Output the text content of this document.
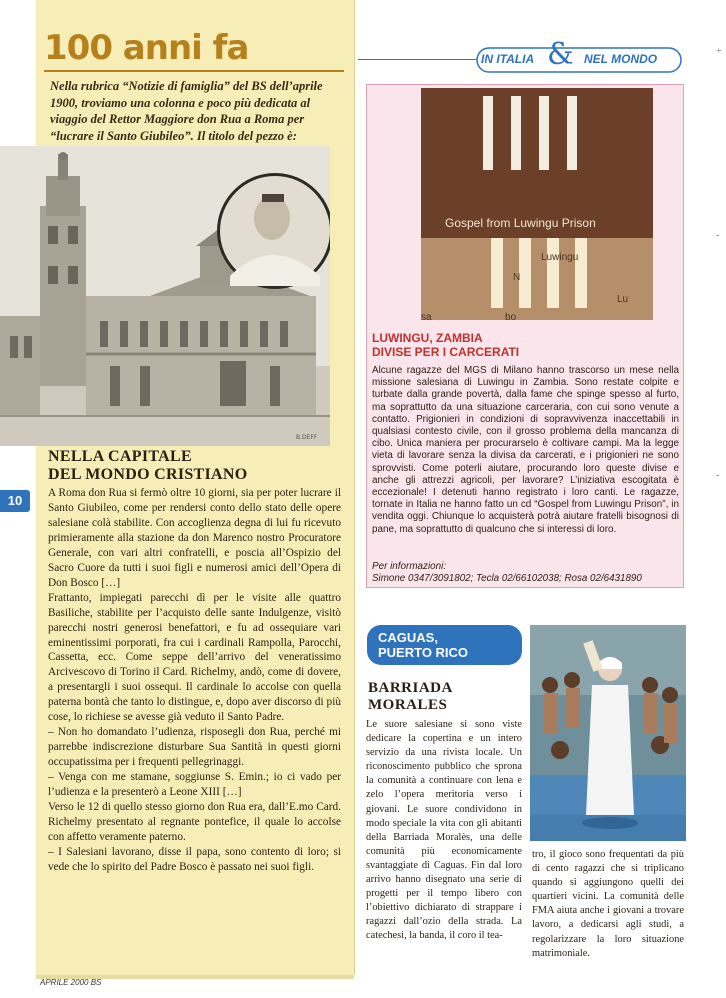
100 anni fa
Nella rubrica “Notizie di famiglia” del BS dell’aprile 1900, troviamo una colonna e poco più dedicata al viaggio del Rettor Maggiore don Rua a Roma per “lucrare il Santo Giubileo”. Il titolo del pezzo è:
B.DEFF
NELLA CAPITALE
DEL MONDO CRISTIANO
10	A Roma don Rua si fermò oltre 10 giorni, sia per poter lucrare il Santo Giubileo, come per rendersi conto dello stato delle opere salesiane colà stabilite. Con accoglienza degna di lui fu ricevuto primieramente alla stazione da don Marenco nostro Procuratore Generale, con vari altri confratelli, e poscia all’Ospizio del Sacro Cuore da tutti i suoi figli e numerosi amici dell’Opera di Don Bosco […]

Frattanto, impiegati parecchi dì per le visite alle quattro Basiliche, stabilite per l’acquisto delle sante Indulgenze, visitò parecchi nostri generosi benefattori, e fu ad ossequiare vari eminentissimi porporati, fra cui i cardinali Rampolla, Parocchi, Cassetta, ecc. Come seppe dell’arrivo del veneratissimo Arcivescovo di Torino il Card. Richelmy, andò, come di dovere, a presentargli i suoi ossequi. Il cardinale lo accolse con quella paterna bontà che tanto lo distingue, e, dopo aver discorso di più cose, lo richiese se avesse già veduto il Santo Padre.

– Non ho domandato l’udienza, risposegli don Rua, perché mi parrebbe indiscrezione disturbare Sua Santità in questi giorni occupatissima per i frequenti pellegrinaggi.

– Venga con me stamane, soggiunse S. Emin.; io ci vado per l’udienza e la presenterò a Leone XIII […]

Verso le 12 di quello stesso giorno don Rua era, dall’E.mo Card. Richelmy presentato al regnante pontefice, il quale lo accolse con affetto veramente paterno.

– I Salesiani lavorano, disse il papa, sono contento di loro; si vede che lo spirito del Padre Bosco è passato nei suoi figli.

APRILE 2000 BS
IN ITALIA & NEL MONDO
+
-
-
Luwingu
N
Lu
sa	bo
Gospel from Luwingu Prison
LUWINGU, ZAMBIA
DIVISE PER I CARCERATI
Alcune ragazze del MGS di Milano hanno trascorso un mese nella missione salesiana di Luwingu in Zambia. Sono restate colpite e turbate dalla grande povertà, dalla fame che spinge spesso al furto, ma soprattutto da una situazione carceraria, con cui sono venute a contatto. Prigionieri in condizioni di sopravvivenza inaccettabili in qualsiasi contesto civile, con il grosso problema della mancanza di cibo. Unica maniera per procurarselo è coltivare campi. Ma la legge vieta di lavorare senza la divisa da carcerati, e i prigionieri ne sono sprovvisti. Come poterli aiutare, procurando loro queste divise e anche gli attrezzi agricoli, per lavorare? L’iniziativa escogitata è eccezionale! I detenuti hanno registrato i loro canti. Le ragazze, tornate in Italia ne hanno fatto un cd “Gospel from Luwingu Prison”, in vendita oggi. Chiunque lo acquisterà potrà aiutare fratelli bisognosi di pane, ma soprattutto di qualcuno che si interessi di loro.
Per informazioni:
Simone 0347/3091802; Tecla 02/66102038; Rosa 02/6431890
CAGUAS,
PUERTO RICO
BARRIADA
MORALES
Le suore salesiane si sono viste dedicare la copertina e un intero servizio da una rivista locale. Un riconoscimento pubblico che sprona la comunità a continuare con lena e zelo l’opera meritoria verso i giovani. Le suore condividono in modo speciale la vita con gli abitanti della Barriada Moralès, una delle comunità più economicamente svantaggiate di Caguas. Fin dal loro arrivo hanno disegnato una serie di progetti per il tempo libero con l’obiettivo dichiarato di strappare i ragazzi dall’ozio della strada. La catechesi, la banda, il coro il tea-
tro, il gioco sono frequentati da più di cento ragazzi che si triplicano quando si aggiungono quelli dei quartieri vicini. La comunità delle FMA aiuta anche i giovani a trovare lavoro, a dedicarsi agli studi, a regolarizzare la loro situazione matrimoniale.
